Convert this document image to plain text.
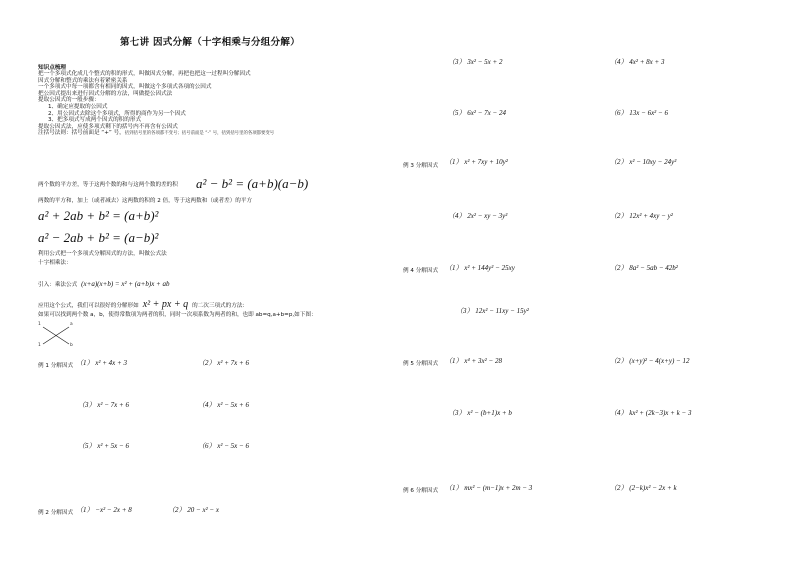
第七讲 因式分解（十字相乘与分组分解）
知识点梳理
把一个多项式化成几个整式的积的形式，叫做因式分解，再把也把这一过程叫分解因式
因式分解和整式的乘法有着紧密关系
一个多项式中每一项都含有相同的因式，叫做这个多项式各项的公因式
把公因式提出来进行因式分解的方法，叫做提公因式法
提取公因式的一般步骤：
1、确定应提取的公因式
2、用公因式去除这个多项式，所得的商作为另一个因式
3、把多项式写成两个因式的积的形式
提取公因式法，应使多项式剩下的括号内不再含有公因式
注括号法则：括号前面是 “+” 号，括到括号里的各项都不变号；括号前面是 “-” 号，括到括号里的各项都要变号
两个数的平方差，等于这两个数的和与这两个数的差的积 a² − b² = (a+b)(a−b)
两数的平方和，加上（或者减去）这两数的积的 2 倍，等于这两数和（或者差）的平方
a² + 2ab + b² = (a+b)²
a² − 2ab + b² = (a−b)²
利用公式把一个多项式分解因式的方法，叫做公式法
十字相乘法：
引入：乘法公式 (x+a)(x+b) = x² + (a+b)x + ab
应用这个公式，我们可以很好的分解形如 x² + px + q 的二次三项式的方法：
如果可以找到两个数 a，b，使得常数项为两者的积，同时一次项系数为两者的和，也即 ab=q,a+b=p,如下图：
1	a
1	b
例 1 分解因式 （1） x² + 4x + 3	（2） x² + 7x + 6
（3） x² − 7x + 6	（4） x² − 5x + 6
（5） x² + 5x − 6	（6） x² − 5x − 6
例 2 分解因式 （1） −x² − 2x + 8	（2） 20 − x² − x
（3） 3x² − 5x + 2	（4） 4x² + 8x + 3
（5） 6x² − 7x − 24	（6） 13x − 6x² − 6
例 3 分解因式 （1） x² + 7xy + 10y²	（2） x² − 10xy − 24y²
（4） 2x² − xy − 3y²	（2） 12x² + 4xy − y²
例 4 分解因式 （1） x² + 144y² − 25xy	（2） 8a² − 5ab − 42b²
（3） 12x² − 11xy − 15y²
例 5 分解因式 （1） x⁴ + 3x² − 28	（2） (x+y)² − 4(x+y) − 12
（3） x² − (b+1)x + b	（4） kx² + (2k−3)x + k − 3
例 6 分解因式 （1） mx² − (m−1)x + 2m − 3	（2） (2−k)x² − 2x + k
